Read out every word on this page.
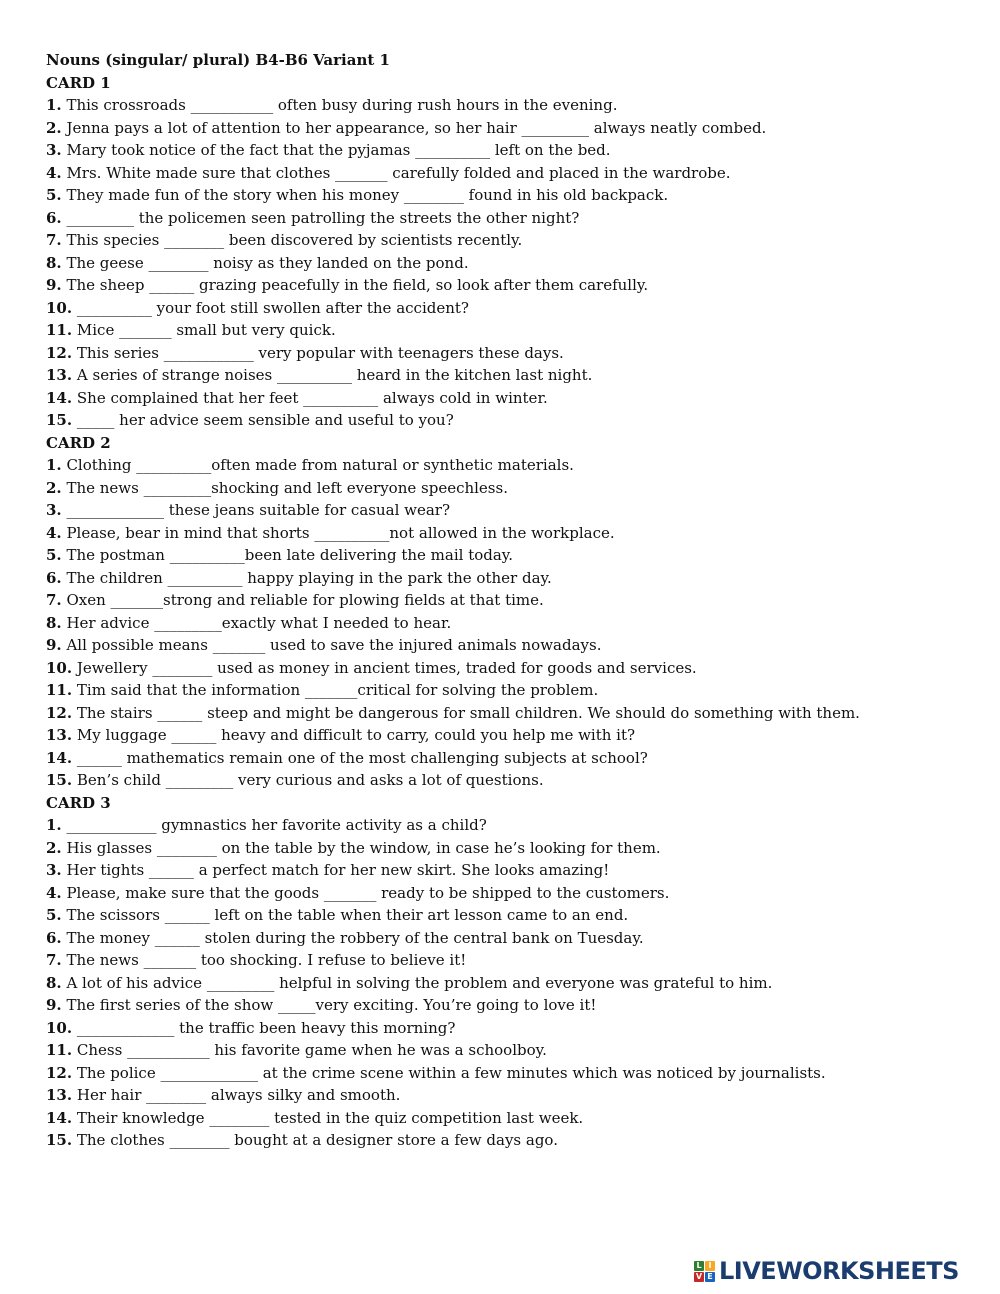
Nouns (singular/ plural) B4-B6 Variant 1
CARD 1
1. This crossroads ___________ often busy during rush hours in the evening.
2. Jenna pays a lot of attention to her appearance, so her hair _________ always neatly combed.
3. Mary took notice of the fact that the pyjamas __________ left on the bed.
4. Mrs. White made sure that clothes _______ carefully folded and placed in the wardrobe.
5. They made fun of the story when his money ________ found in his old backpack.
6. _________ the policemen seen patrolling the streets the other night?
7. This species ________ been discovered by scientists recently.
8. The geese ________ noisy as they landed on the pond.
9. The sheep ______ grazing peacefully in the field, so look after them carefully.
10. __________ your foot still swollen after the accident?
11. Mice _______ small but very quick.
12. This series ____________ very popular with teenagers these days.
13. A series of strange noises __________ heard in the kitchen last night.
14. She complained that her feet __________ always cold in winter.
15. _____ her advice seem sensible and useful to you?
CARD 2
1. Clothing __________often made from natural or synthetic materials.
2. The news _________shocking and left everyone speechless.
3. _____________ these jeans suitable for casual wear?
4. Please, bear in mind that shorts __________not allowed in the workplace.
5. The postman __________been late delivering the mail today.
6. The children __________ happy playing in the park the other day.
7. Oxen _______strong and reliable for plowing fields at that time.
8. Her advice _________exactly what I needed to hear.
9. All possible means _______ used to save the injured animals nowadays.
10. Jewellery ________ used as money in ancient times, traded for goods and services.
11. Tim said that the information _______critical for solving the problem.
12. The stairs ______ steep and might be dangerous for small children. We should do something with them.
13. My luggage ______ heavy and difficult to carry, could you help me with it?
14. ______ mathematics remain one of the most challenging subjects at school?
15. Ben’s child _________ very curious and asks a lot of questions.
CARD 3
1. ____________ gymnastics her favorite activity as a child?
2. His glasses ________ on the table by the window, in case he’s looking for them.
3. Her tights ______ a perfect match for her new skirt. She looks amazing!
4. Please, make sure that the goods _______ ready to be shipped to the customers.
5. The scissors ______ left on the table when their art lesson came to an end.
6. The money ______ stolen during the robbery of the central bank on Tuesday.
7. The news _______ too shocking. I refuse to believe it!
8. A lot of his advice _________ helpful in solving the problem and everyone was grateful to him.
9. The first series of the show _____very exciting. You’re going to love it!
10. _____________ the traffic been heavy this morning?
11. Chess ___________ his favorite game when he was a schoolboy.
12. The police _____________ at the crime scene within a few minutes which was noticed by journalists.
13. Her hair ________ always silky and smooth.
14. Their knowledge ________ tested in the quiz competition last week.
15. The clothes ________ bought at a designer store a few days ago.
L I
V E LIVEWORKSHEETS
